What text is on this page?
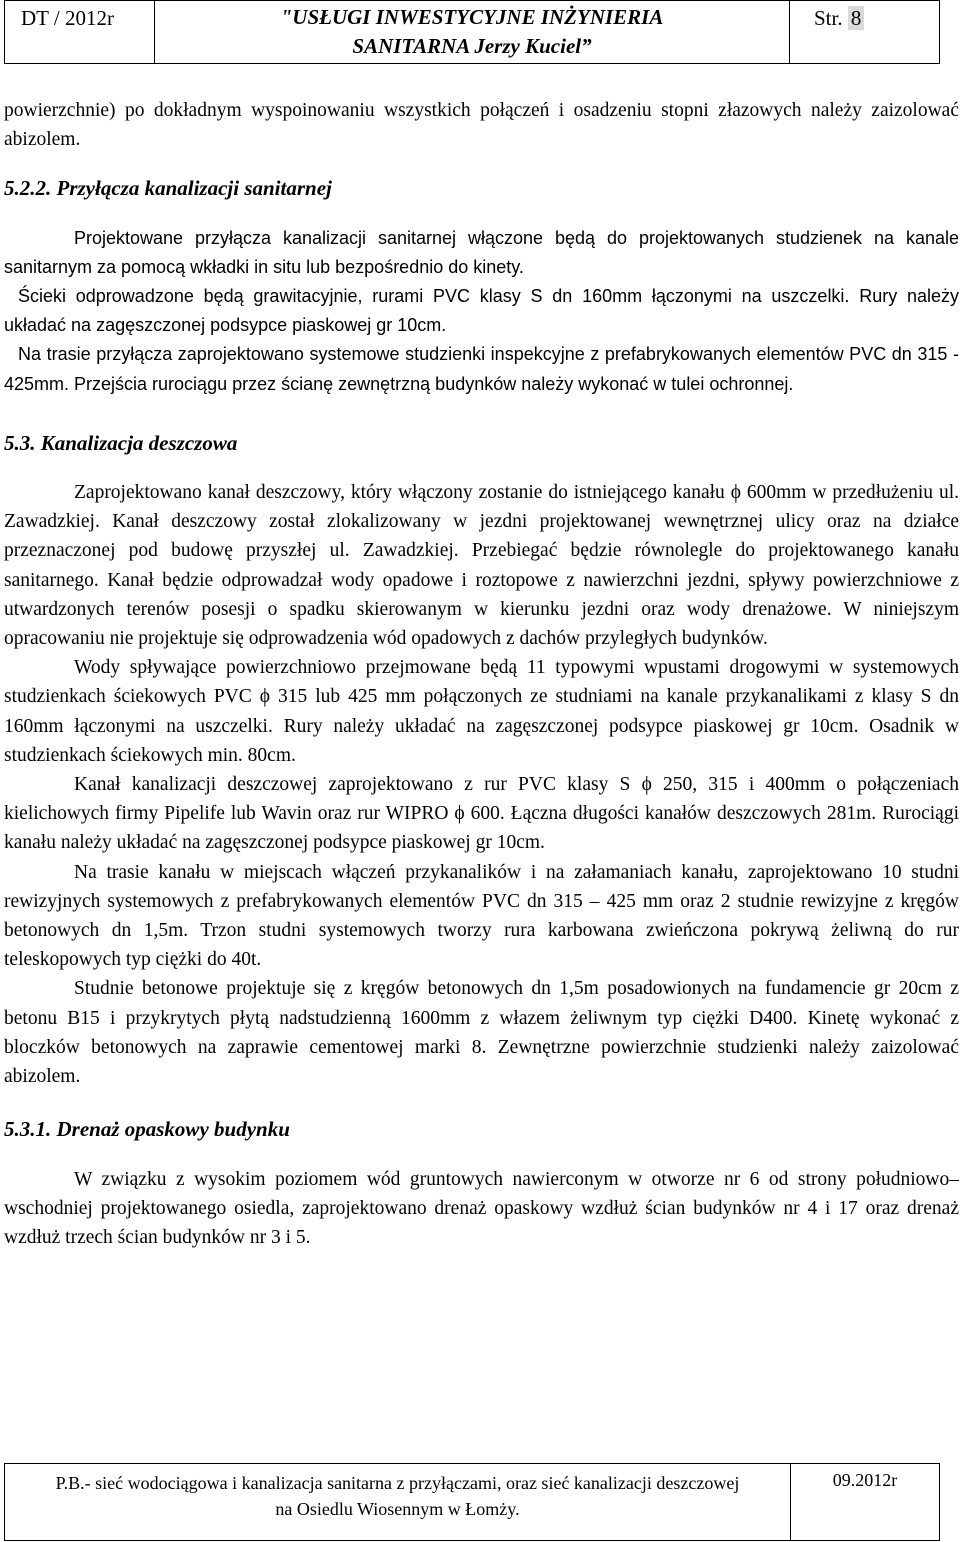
DT / 2012r	"USŁUGI INWESTYCYJNE INŻYNIERIA
SANITARNA Jerzy Kuciel”
Str. 8

powierzchnie) po dokładnym wyspoinowaniu wszystkich połączeń i osadzeniu stopni złazowych należy zaizolować abizolem.

5.2.2. Przyłącza kanalizacji sanitarnej

Projektowane przyłącza kanalizacji sanitarnej włączone będą do projektowanych studzienek na kanale sanitarnym za pomocą wkładki in situ lub bezpośrednio do kinety.

Ścieki odprowadzone będą grawitacyjnie, rurami PVC klasy S dn 160mm łączonymi na uszczelki. Rury należy układać na zagęszczonej podsypce piaskowej gr 10cm.

Na trasie przyłącza zaprojektowano systemowe studzienki inspekcyjne z prefabrykowanych elementów PVC dn 315 - 425mm. Przejścia rurociągu przez ścianę zewnętrzną budynków należy wykonać w tulei ochronnej.

5.3. Kanalizacja deszczowa

Zaprojektowano kanał deszczowy, który włączony zostanie do istniejącego kanału ϕ 600mm w przedłużeniu ul. Zawadzkiej. Kanał deszczowy został zlokalizowany w jezdni projektowanej wewnętrznej ulicy oraz na działce przeznaczonej pod budowę przyszłej ul. Zawadzkiej. Przebiegać będzie równolegle do projektowanego kanału sanitarnego. Kanał będzie odprowadzał wody opadowe i roztopowe z nawierzchni jezdni, spływy powierzchniowe z utwardzonych terenów posesji o spadku skierowanym w kierunku jezdni oraz wody drenażowe. W niniejszym opracowaniu nie projektuje się odprowadzenia wód opadowych z dachów przyległych budynków.

Wody spływające powierzchniowo przejmowane będą 11 typowymi wpustami drogowymi w systemowych studzienkach ściekowych PVC ϕ 315 lub 425 mm połączonych ze studniami na kanale przykanalikami z klasy S dn 160mm łączonymi na uszczelki. Rury należy układać na zagęszczonej podsypce piaskowej gr 10cm. Osadnik w studzienkach ściekowych min. 80cm.

Kanał kanalizacji deszczowej zaprojektowano z rur PVC klasy S ϕ 250, 315 i 400mm o połączeniach kielichowych firmy Pipelife lub Wavin oraz rur WIPRO ϕ 600. Łączna długości kanałów deszczowych 281m. Rurociągi kanału należy układać na zagęszczonej podsypce piaskowej gr 10cm.

Na trasie kanału w miejscach włączeń przykanalików i na załamaniach kanału, zaprojektowano 10 studni rewizyjnych systemowych z prefabrykowanych elementów PVC dn 315 – 425 mm oraz 2 studnie rewizyjne z kręgów betonowych dn 1,5m. Trzon studni systemowych tworzy rura karbowana zwieńczona pokrywą żeliwną do rur teleskopowych typ ciężki do 40t.

Studnie betonowe projektuje się z kręgów betonowych dn 1,5m posadowionych na fundamencie gr 20cm z betonu B15 i przykrytych płytą nadstudzienną 1600mm z włazem żeliwnym typ ciężki D400. Kinetę wykonać z bloczków betonowych na zaprawie cementowej marki 8. Zewnętrzne powierzchnie studzienki należy zaizolować abizolem.

5.3.1. Drenaż opaskowy budynku

W związku z wysokim poziomem wód gruntowych nawierconym w otworze nr 6 od strony południowo–wschodniej projektowanego osiedla, zaprojektowano drenaż opaskowy wzdłuż ścian budynków nr 4 i 17 oraz drenaż wzdłuż trzech ścian budynków nr 3 i 5.

P.B.- sieć wodociągowa i kanalizacja sanitarna z przyłączami, oraz sieć kanalizacji deszczowej
na Osiedlu Wiosennym w Łomży.
09.2012r
